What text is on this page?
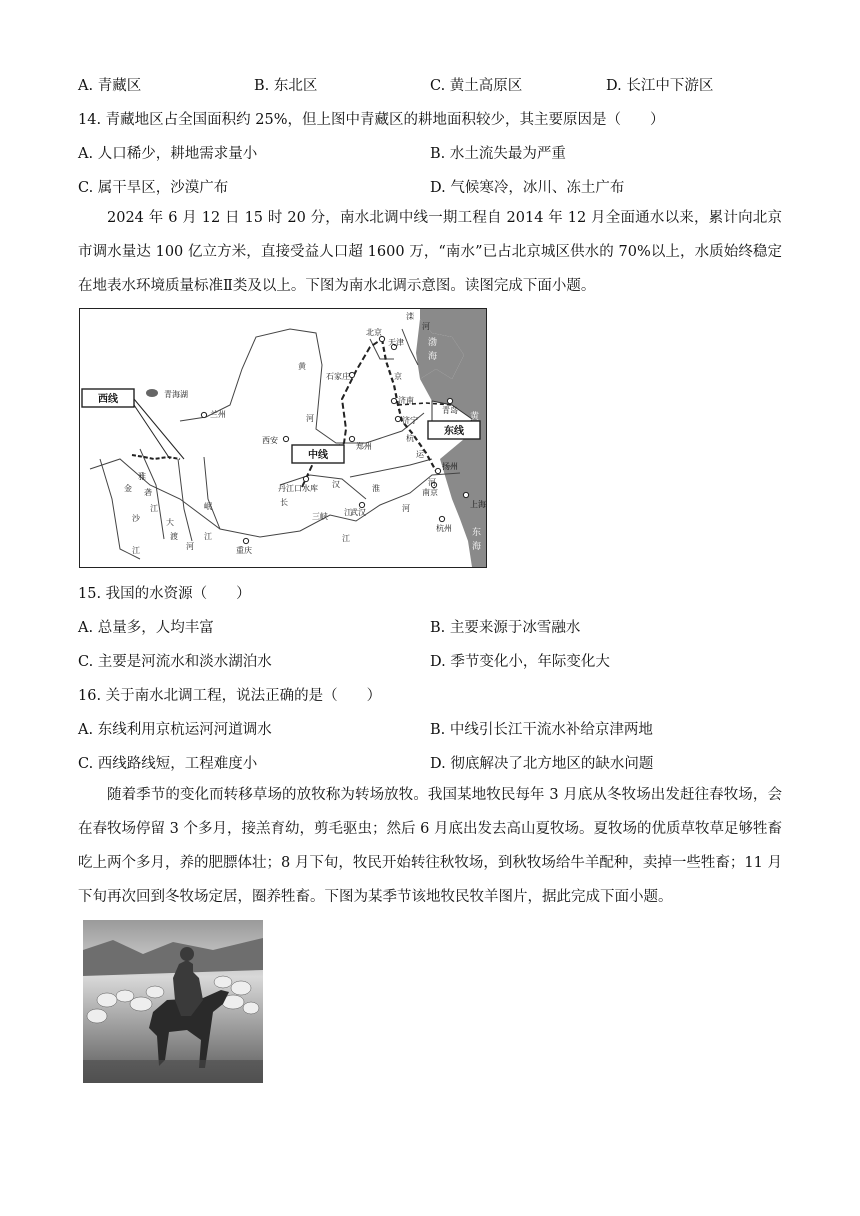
A. 青藏区	B. 东北区	C. 黄土高原区	D. 长江中下游区
14. 青藏地区占全国面积约 25%，但上图中青藏区的耕地面积较少，其主要原因是（　　）
A. 人口稀少，耕地需求量小	B. 水土流失最为严重
C. 属干旱区，沙漠广布	D. 气候寒冷，冰川、冻土广布
2024 年 6 月 12 日 15 时 20 分，南水北调中线一期工程自 2014 年 12 月全面通水以来，累计向北京市调水量达 100 亿立方米，直接受益人口超 1600 万，“南水”已占北京城区供水的 70%以上，水质始终稳定在地表水环境质量标准Ⅱ类及以上。下图为南水北调示意图。读图完成下面小题。
北京
天津
石家庄
济南
济宁
青岛
郑州
西安
兰州
武汉
南京
扬州
杭州
上海
重庆
丹江口水库
青海湖
渤
海
黄
东
海
黄
河
长
江
汉	淮
河
滦
河
京
杭
运
河
雅
砻
江
大
渡
河
岷
江
金
沙
江
三峡 江
西线
中线
东线
15. 我国的水资源（　　）
A. 总量多，人均丰富	B. 主要来源于冰雪融水
C. 主要是河流水和淡水湖泊水	D. 季节变化小，年际变化大
16. 关于南水北调工程，说法正确的是（　　）
A. 东线利用京杭运河河道调水	B. 中线引长江干流水补给京津两地
C. 西线路线短，工程难度小	D. 彻底解决了北方地区的缺水问题
随着季节的变化而转移草场的放牧称为转场放牧。我国某地牧民每年 3 月底从冬牧场出发赶往春牧场，会在春牧场停留 3 个多月，接羔育幼，剪毛驱虫；然后 6 月底出发去高山夏牧场。夏牧场的优质草牧草足够牲畜吃上两个多月，养的肥膘体壮；8 月下旬，牧民开始转往秋牧场，到秋牧场给牛羊配种，卖掉一些牲畜；11 月下旬再次回到冬牧场定居，圈养牲畜。下图为某季节该地牧民牧羊图片，据此完成下面小题。
